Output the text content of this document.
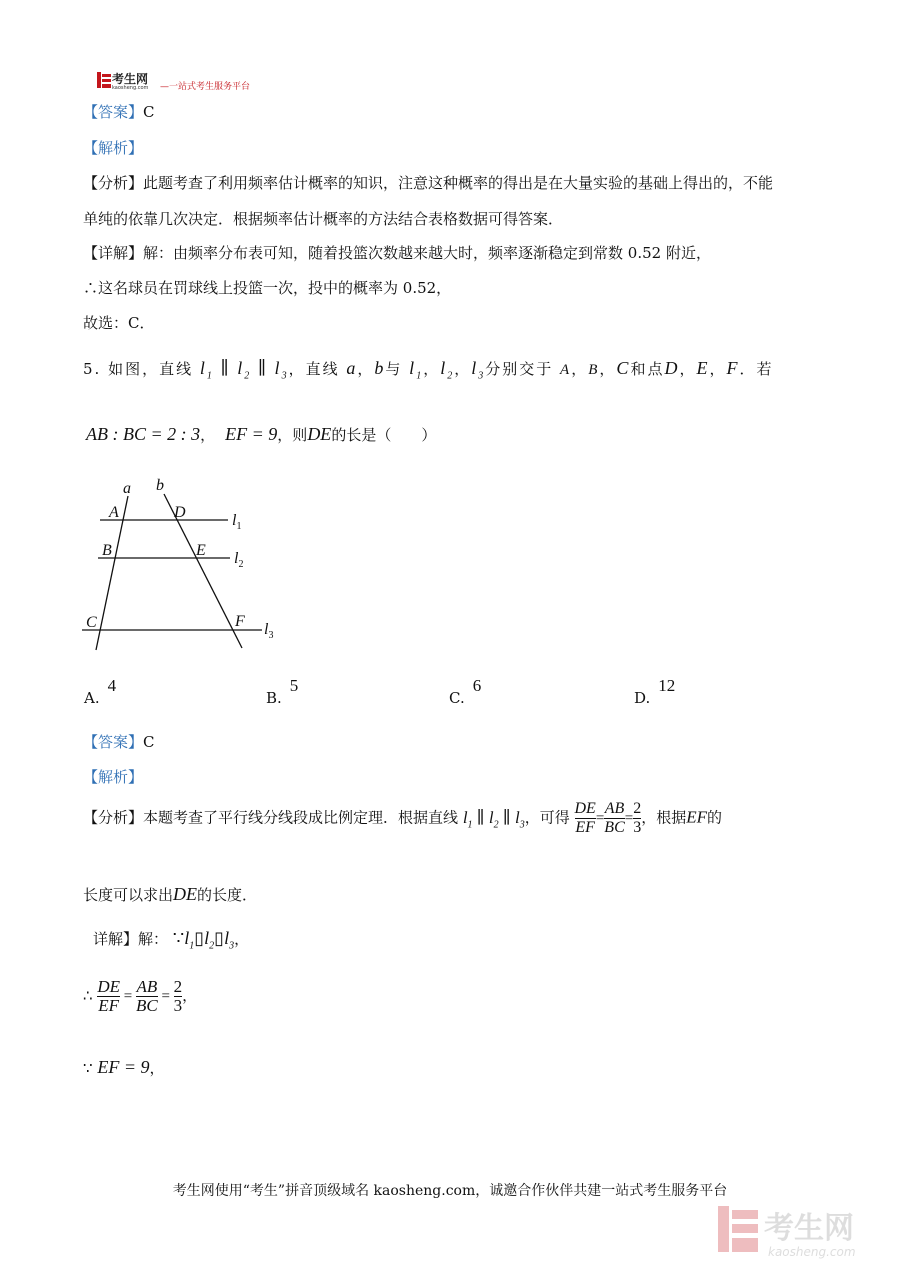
考生网
kaosheng.com —一站式考生服务平台
【答案】C
【解析】
【分析】此题考查了利用频率估计概率的知识，注意这种概率的得出是在大量实验的基础上得出的，不能
单纯的依靠几次决定．根据频率估计概率的方法结合表格数据可得答案．
【详解】解：由频率分布表可知，随着投篮次数越来越大时，频率逐渐稳定到常数 0.52 附近，
∴这名球员在罚球线上投篮一次，投中的概率为 0.52，
故选：C．
5. 如图，直线 $l_1$ ∥ $l_2$ ∥ $l_3$，直线 a，b与 $l_1$，$l_2$，$l_3$分别交于 A，B，C和点D，E，F．若
AB : BC = 2 : 3， EF = 9，则DE的长是（　　）
a b
A	D
B	E
C	F
$l_1$
$l_2$
$l_3$
A.4
B.5
C.6
D.12
【答案】C
【解析】
【分析】本题考查了平行线分线段成比例定理．根据直线 $l_1$ ∥ $l_2$ ∥ $l_3$，可得 $\frac{DE}{EF} = \frac{AB}{BC} = \frac{2}{3}$ ，根据EF的
长度可以求出DE的长度．
详解】解： $\because l_1▯l_2▯l_3$，
∴ $\frac{DE}{EF} = \frac{AB}{BC} = \frac{2}{3}$ ，
∵ EF = 9，
考生网使用“考生”拼音顶级域名 kaosheng.com，诚邀合作伙伴共建一站式考生服务平台
考生网
kaosheng.com
